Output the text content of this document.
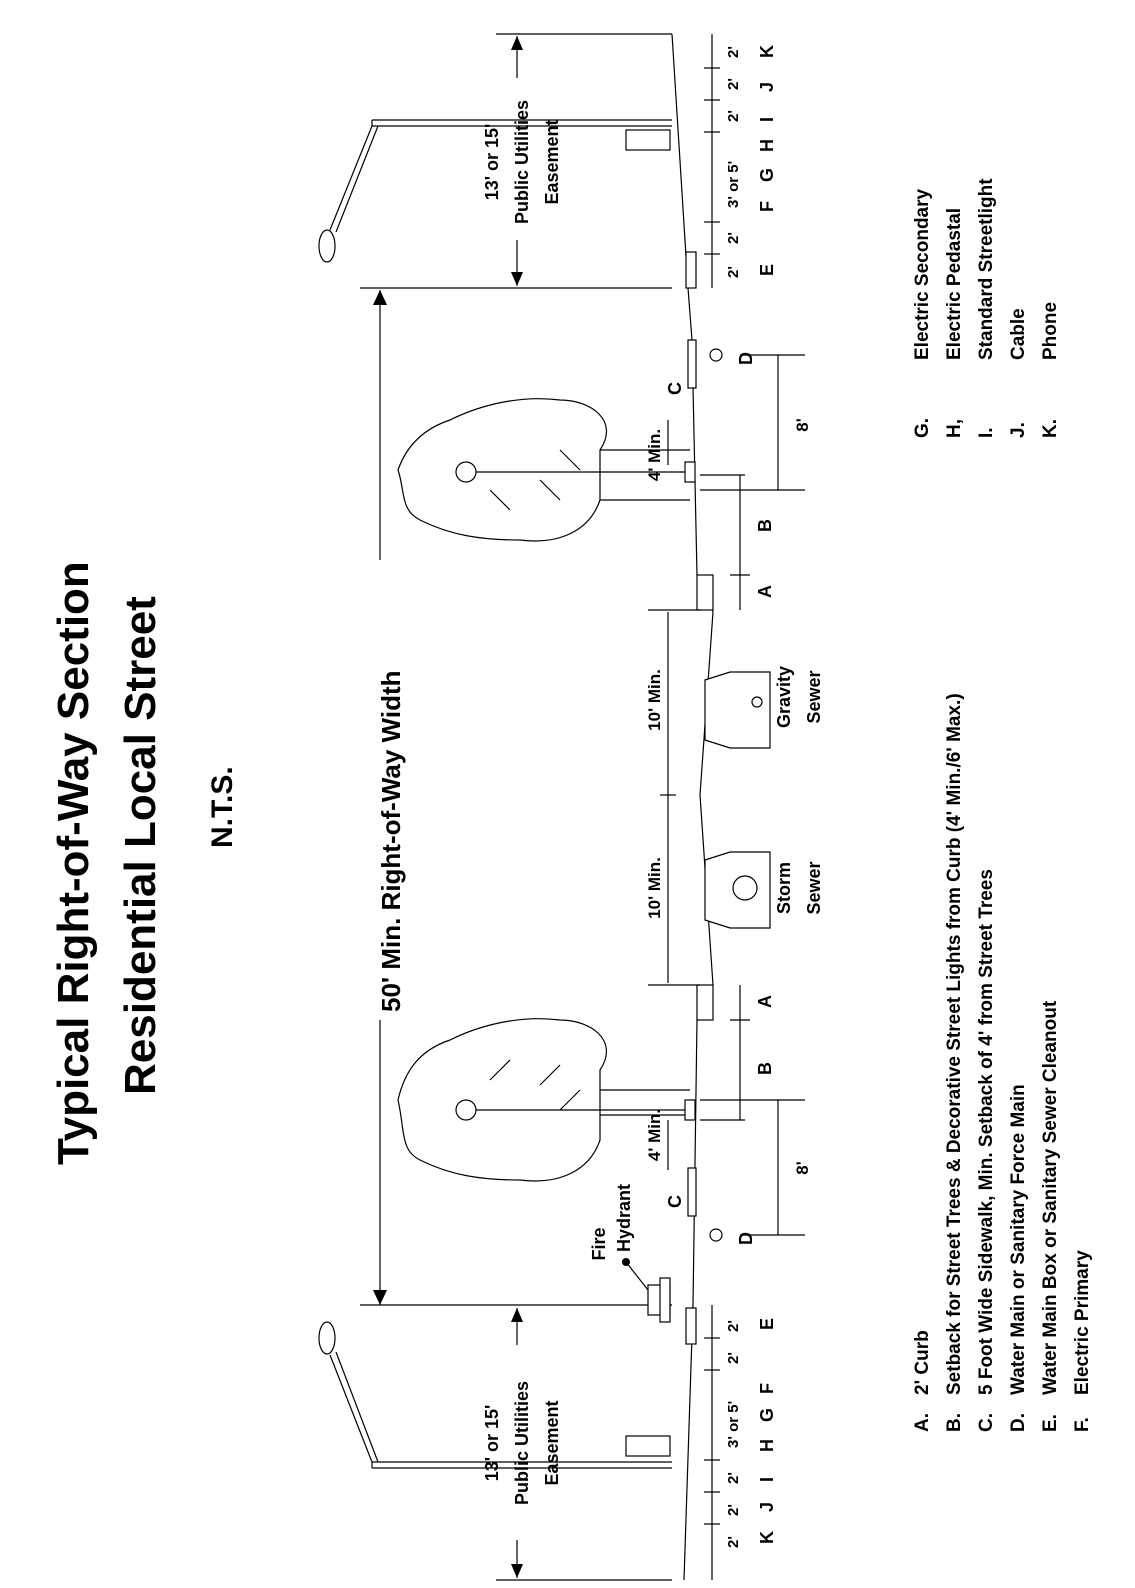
Typical Right-of-Way Section Residential Local Street N.T.S.	50' Min. Right-of-Way Width
13' or 15' Public Utilities Easement
13' or 15' Public Utilities Easement
Gravity Sewer
Storm Sewer
10' Min.
10' Min.
4' Min.
4' Min.
8'
8'
C
C
D
D
B
A
A
B
Fire Hydrant
2'
2'
2'
3' or 5'
2'
2'
K
J
I
H
G
F
E
2'
2'
3' or 5'
2'
2'
2'
E
F
G
H
I
J
K
A.
2' Curb
B.
Setback for Street Trees & Decorative Street Lights from Curb (4' Min./6' Max.)
C.
5 Foot Wide Sidewalk, Min. Setback of 4' from Street Trees
D.
Water Main or Sanitary Force Main
E.
Water Main Box or Sanitary Sewer Cleanout
F.
Electric Primary
G.
Electric Secondary
H,
Electric Pedastal
I.
Standard Streetlight
J.
Cable
K.
Phone
